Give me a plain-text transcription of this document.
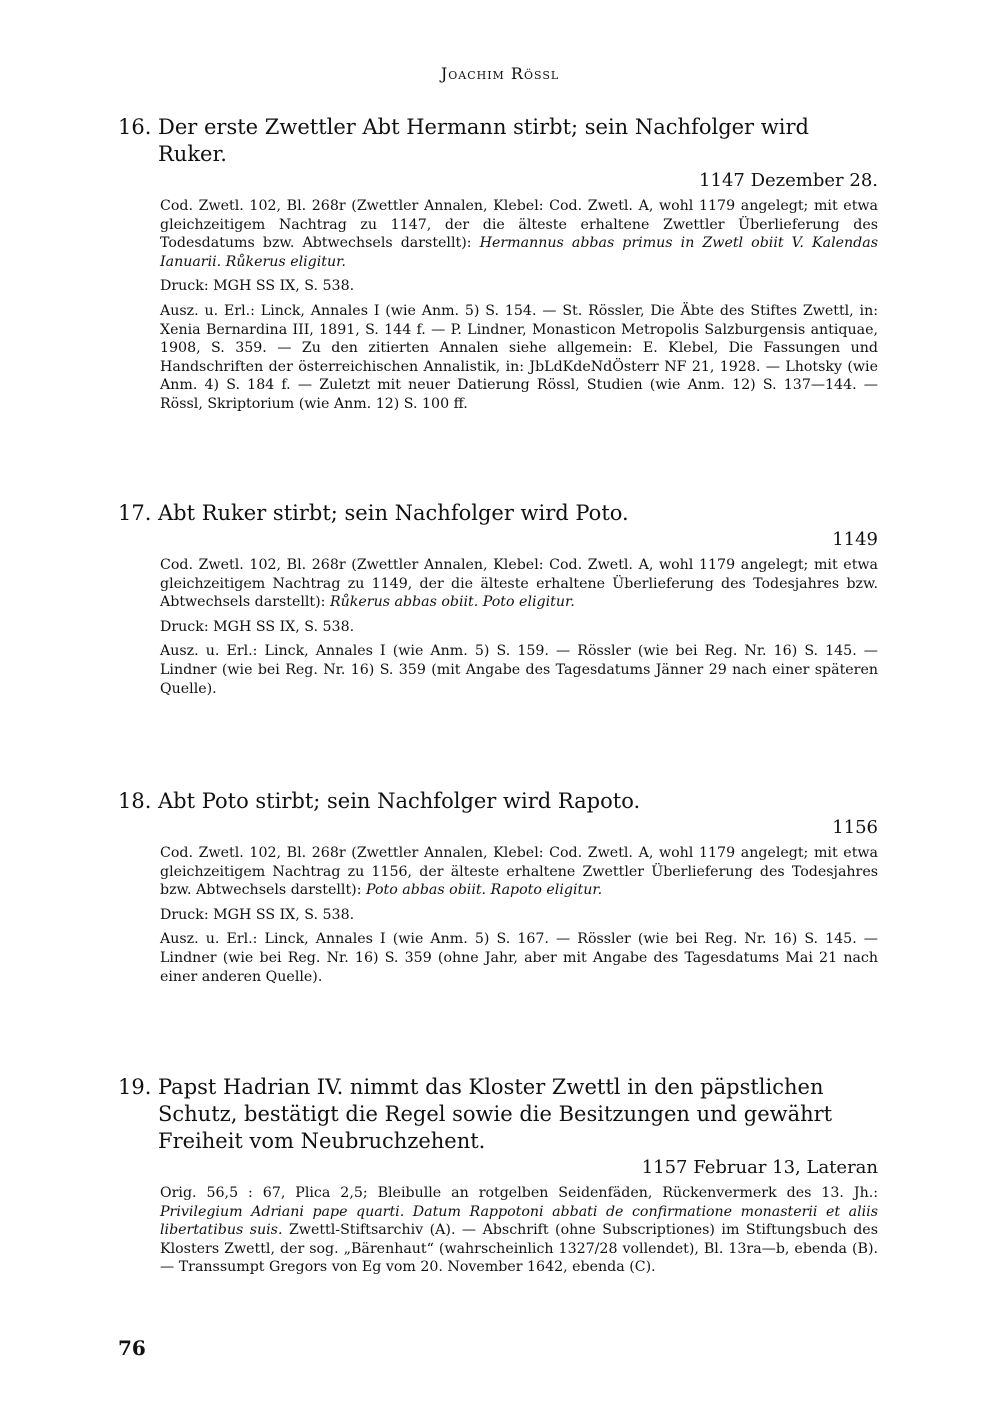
Joachim Rössl
16. Der erste Zwettler Abt Hermann stirbt; sein Nachfolger wird Ruker.
1147 Dezember 28.
Cod. Zwetl. 102, Bl. 268r (Zwettler Annalen, Klebel: Cod. Zwetl. A, wohl 1179 angelegt; mit etwa gleichzeitigem Nachtrag zu 1147, der die älteste erhaltene Zwettler Überlieferung des Todesdatums bzw. Abtwechsels darstellt): Hermannus abbas primus in Zwetl obiit V. Kalendas Ianuarii. Růkerus eligitur.
Druck: MGH SS IX, S. 538.
Ausz. u. Erl.: Linck, Annales I (wie Anm. 5) S. 154. — St. Rössler, Die Äbte des Stiftes Zwettl, in: Xenia Bernardina III, 1891, S. 144 f. — P. Lindner, Monasticon Metropolis Salzburgensis antiquae, 1908, S. 359. — Zu den zitierten Annalen siehe allgemein: E. Klebel, Die Fassungen und Handschriften der österreichischen Annalistik, in: JbLdKdeNdÖsterr NF 21, 1928. — Lhotsky (wie Anm. 4) S. 184 f. — Zuletzt mit neuer Datierung Rössl, Studien (wie Anm. 12) S. 137—144. — Rössl, Skriptorium (wie Anm. 12) S. 100 ff.
17. Abt Ruker stirbt; sein Nachfolger wird Poto.
1149
Cod. Zwetl. 102, Bl. 268r (Zwettler Annalen, Klebel: Cod. Zwetl. A, wohl 1179 angelegt; mit etwa gleichzeitigem Nachtrag zu 1149, der die älteste erhaltene Überlieferung des Todesjahres bzw. Abtwechsels darstellt): Růkerus abbas obiit. Poto eligitur.
Druck: MGH SS IX, S. 538.
Ausz. u. Erl.: Linck, Annales I (wie Anm. 5) S. 159. — Rössler (wie bei Reg. Nr. 16) S. 145. — Lindner (wie bei Reg. Nr. 16) S. 359 (mit Angabe des Tagesdatums Jänner 29 nach einer späteren Quelle).
18. Abt Poto stirbt; sein Nachfolger wird Rapoto.
1156
Cod. Zwetl. 102, Bl. 268r (Zwettler Annalen, Klebel: Cod. Zwetl. A, wohl 1179 angelegt; mit etwa gleichzeitigem Nachtrag zu 1156, der älteste erhaltene Zwettler Überlieferung des Todesjahres bzw. Abtwechsels darstellt): Poto abbas obiit. Rapoto eligitur.
Druck: MGH SS IX, S. 538.
Ausz. u. Erl.: Linck, Annales I (wie Anm. 5) S. 167. — Rössler (wie bei Reg. Nr. 16) S. 145. — Lindner (wie bei Reg. Nr. 16) S. 359 (ohne Jahr, aber mit Angabe des Tagesdatums Mai 21 nach einer anderen Quelle).
19. Papst Hadrian IV. nimmt das Kloster Zwettl in den päpstlichen Schutz, bestätigt die Regel sowie die Besitzungen und gewährt Freiheit vom Neubruchzehent.
1157 Februar 13, Lateran
Orig. 56,5 : 67, Plica 2,5; Bleibulle an rotgelben Seidenfäden, Rückenvermerk des 13. Jh.: Privilegium Adriani pape quarti. Datum Rappotoni abbati de confirmatione monasterii et aliis libertatibus suis. Zwettl-Stiftsarchiv (A). — Abschrift (ohne Subscriptiones) im Stiftungsbuch des Klosters Zwettl, der sog. „Bärenhaut“ (wahrscheinlich 1327/28 vollendet), Bl. 13ra—b, ebenda (B). — Transsumpt Gregors von Eg vom 20. November 1642, ebenda (C).
76
